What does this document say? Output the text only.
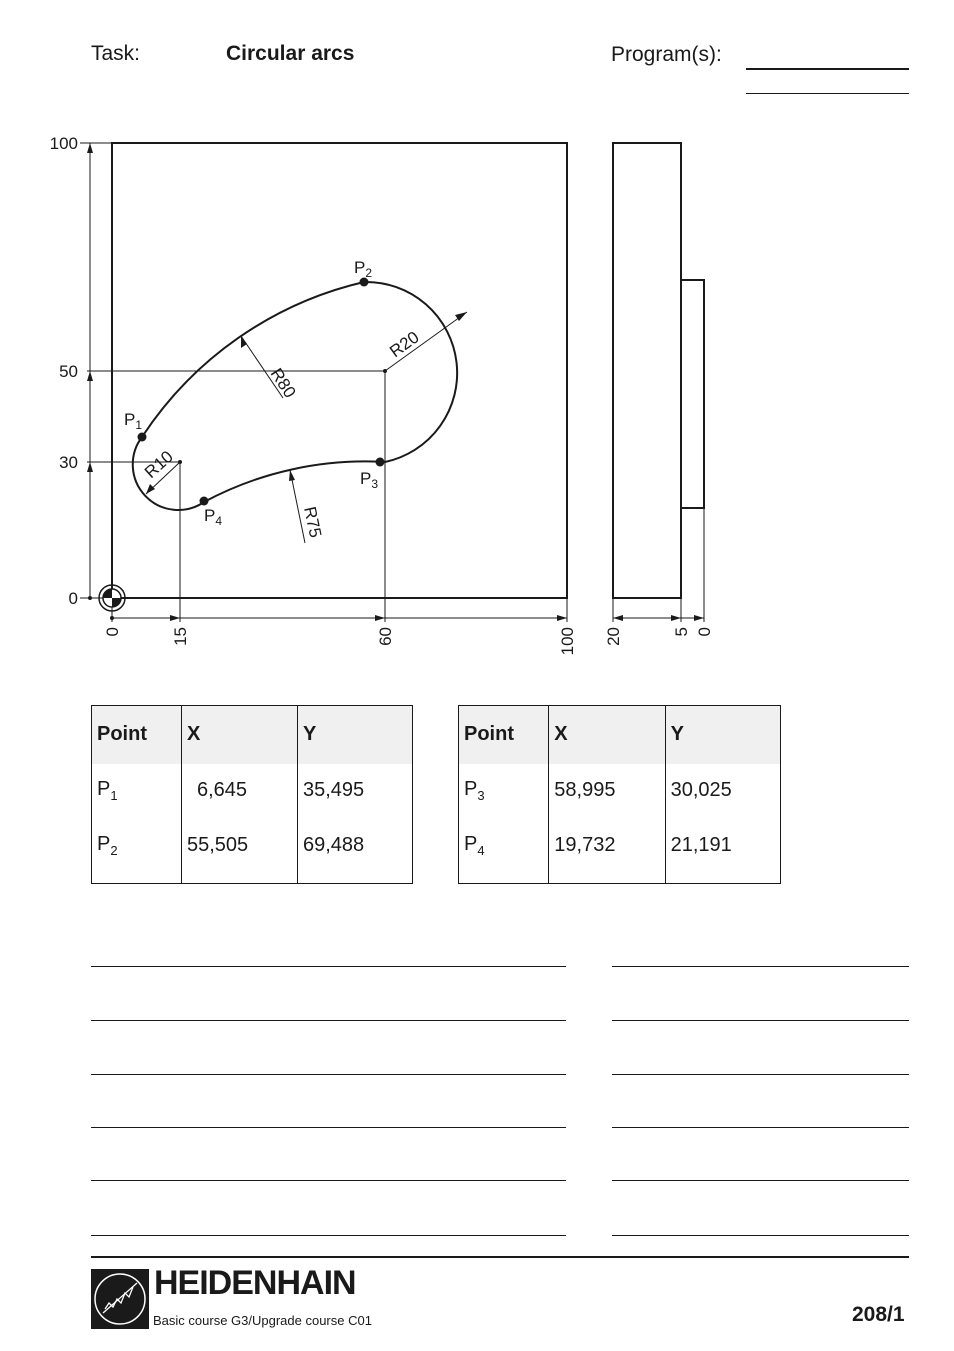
Task:	Circular arcs	Program(s):
100
50
30
0
0	15	60	100 20	5 0
R80
R20
R10
R75
$P_1$
$P_2$
$P_3$
$P_4$
Point	X	Y
$P_1$	6,645	35,495
$P_2$	55,505	69,488
Point	X	Y
$P_3$	58,995	30,025
$P_4$	19,732	21,191
HEIDENHAIN
Basic course G3/Upgrade course C01	208/1
